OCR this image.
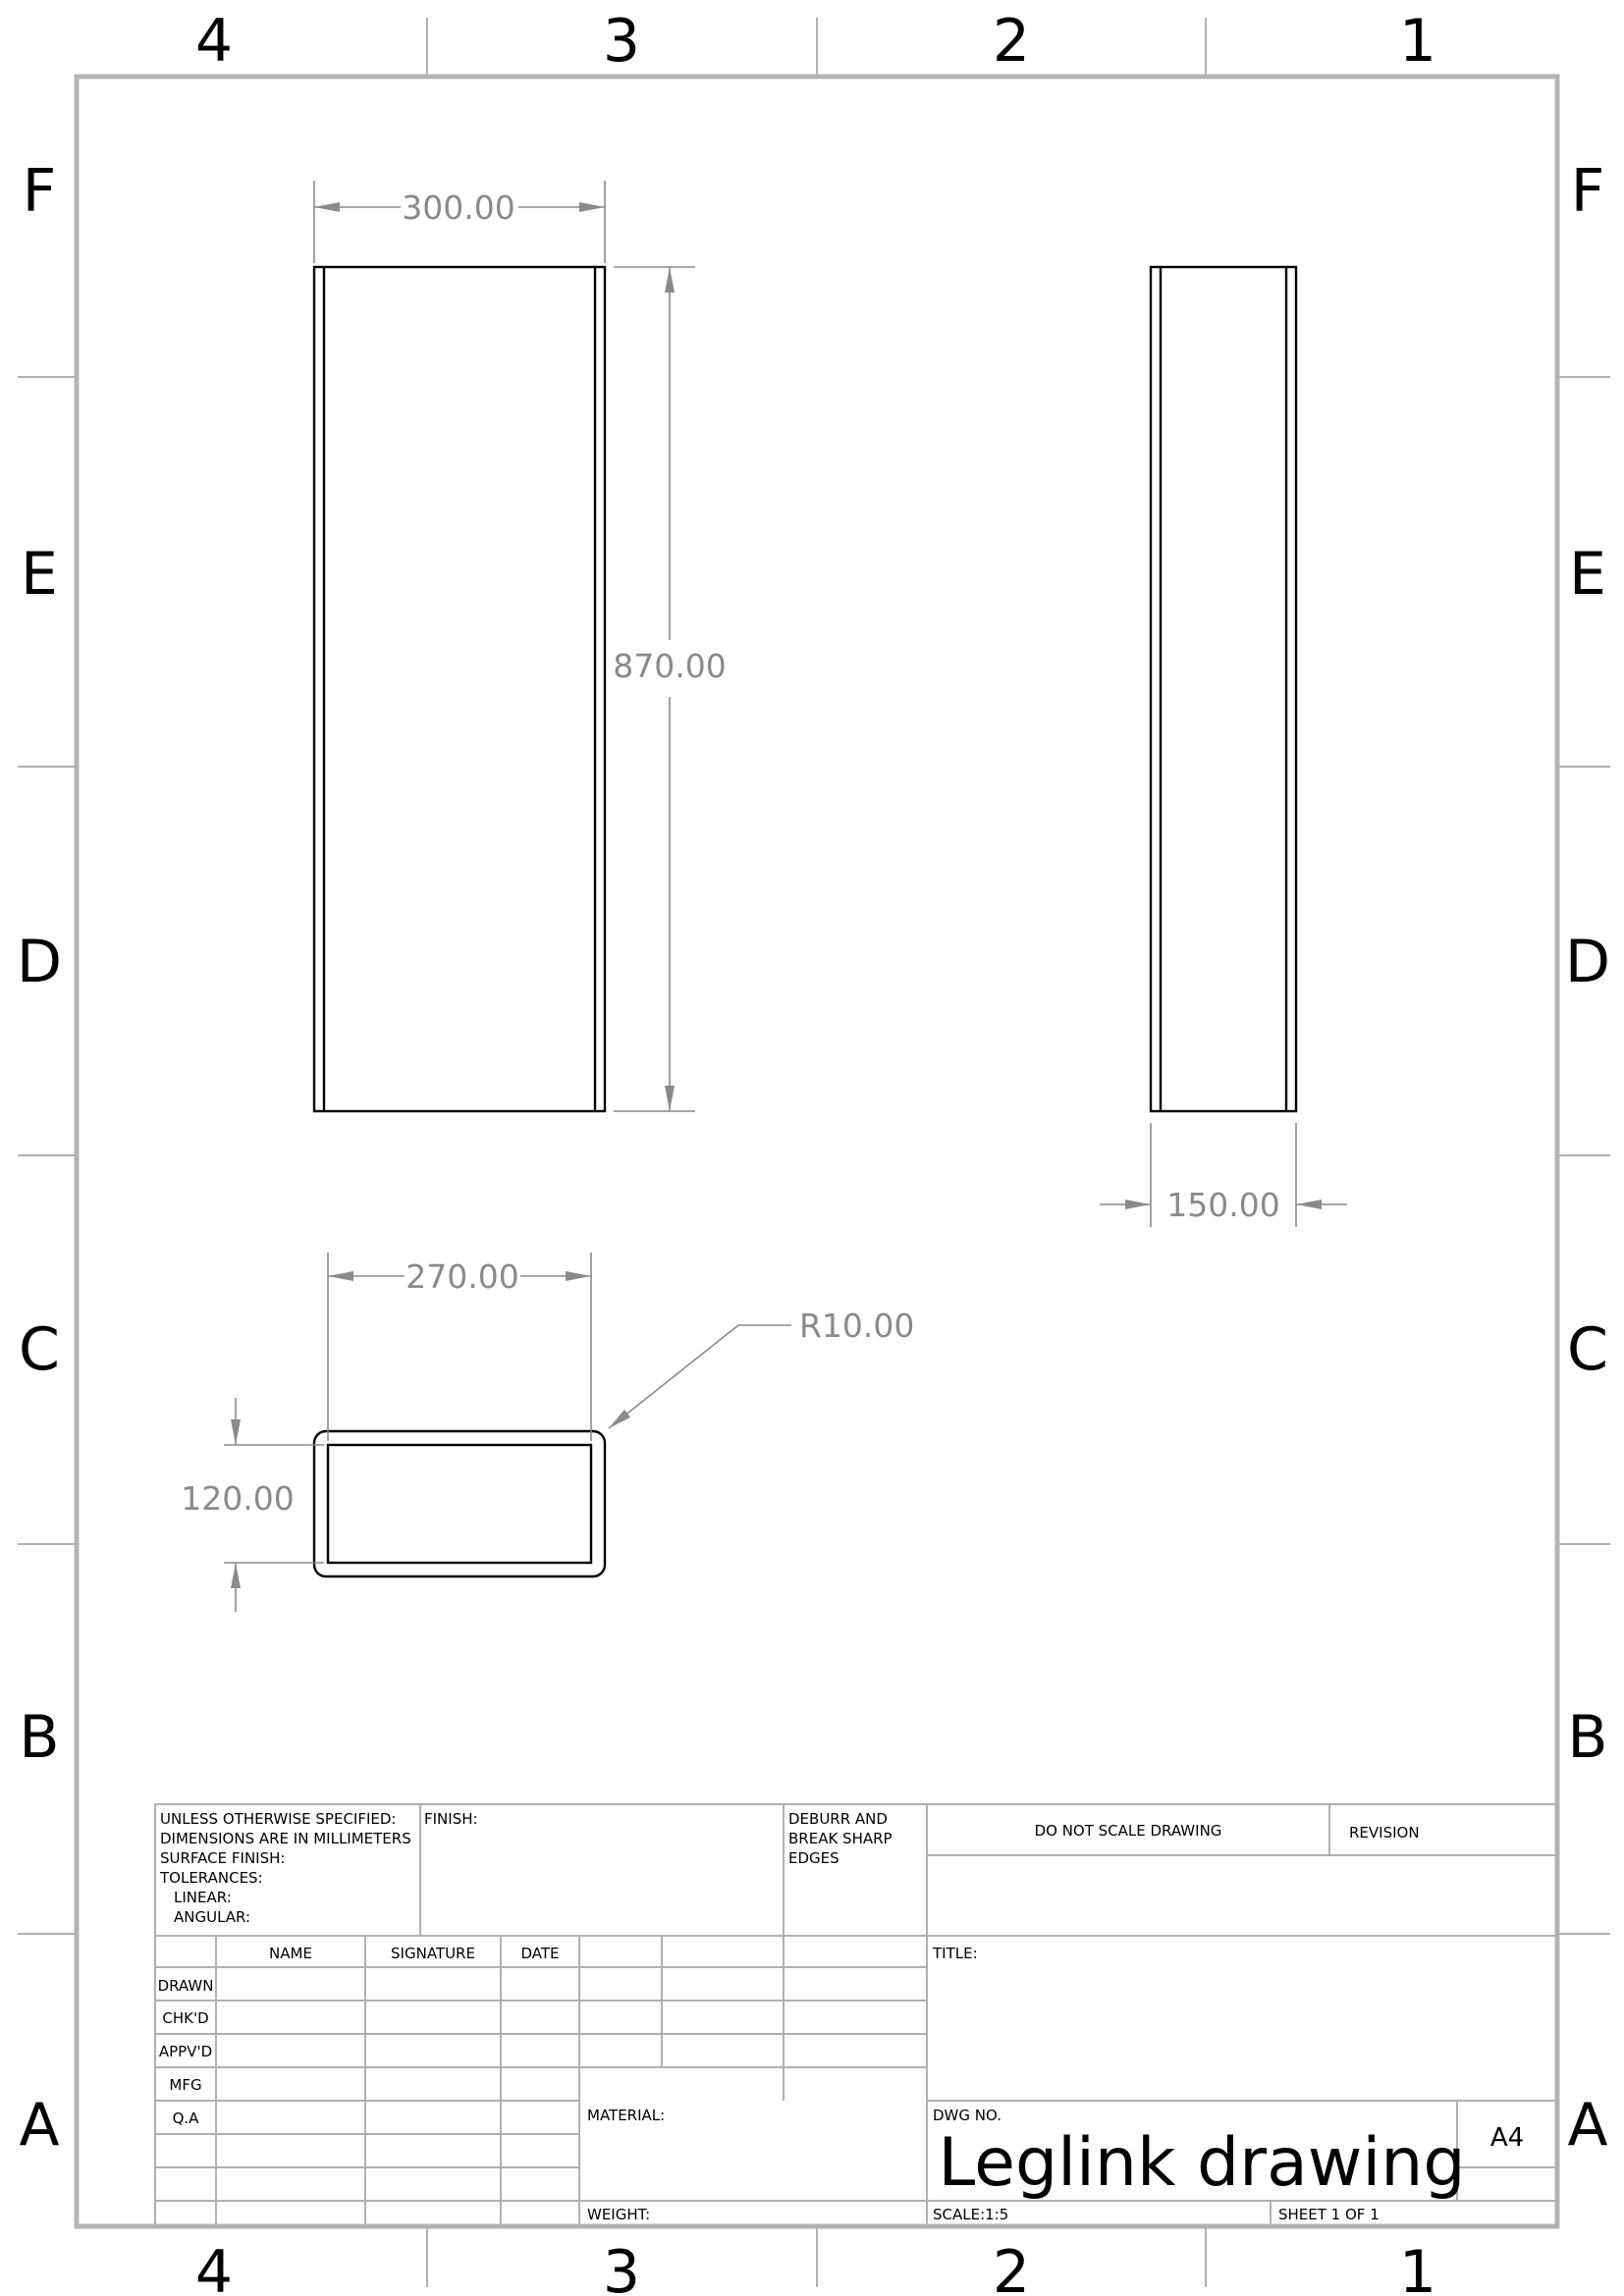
4	3	2	1
4	3	2	1
F
E
D
C
B
A
F
E
D
C
B
A
300.00
870.00
150.00
270.00
120.00
R10.00
UNLESS OTHERWISE SPECIFIED:
DIMENSIONS ARE IN MILLIMETERS
SURFACE FINISH:
TOLERANCES:
LINEAR:
ANGULAR:
FINISH:	DEBURR AND
BREAK SHARP
EDGES
DO NOT SCALE DRAWING	REVISION
NAME	SIGNATURE	DATE
DRAWN
CHK'D
APPV'D
MFG
Q.A
TITLE:
MATERIAL:
WEIGHT:
DWG NO.
Leglink drawing A4
SCALE:1:5	SHEET 1 OF 1
